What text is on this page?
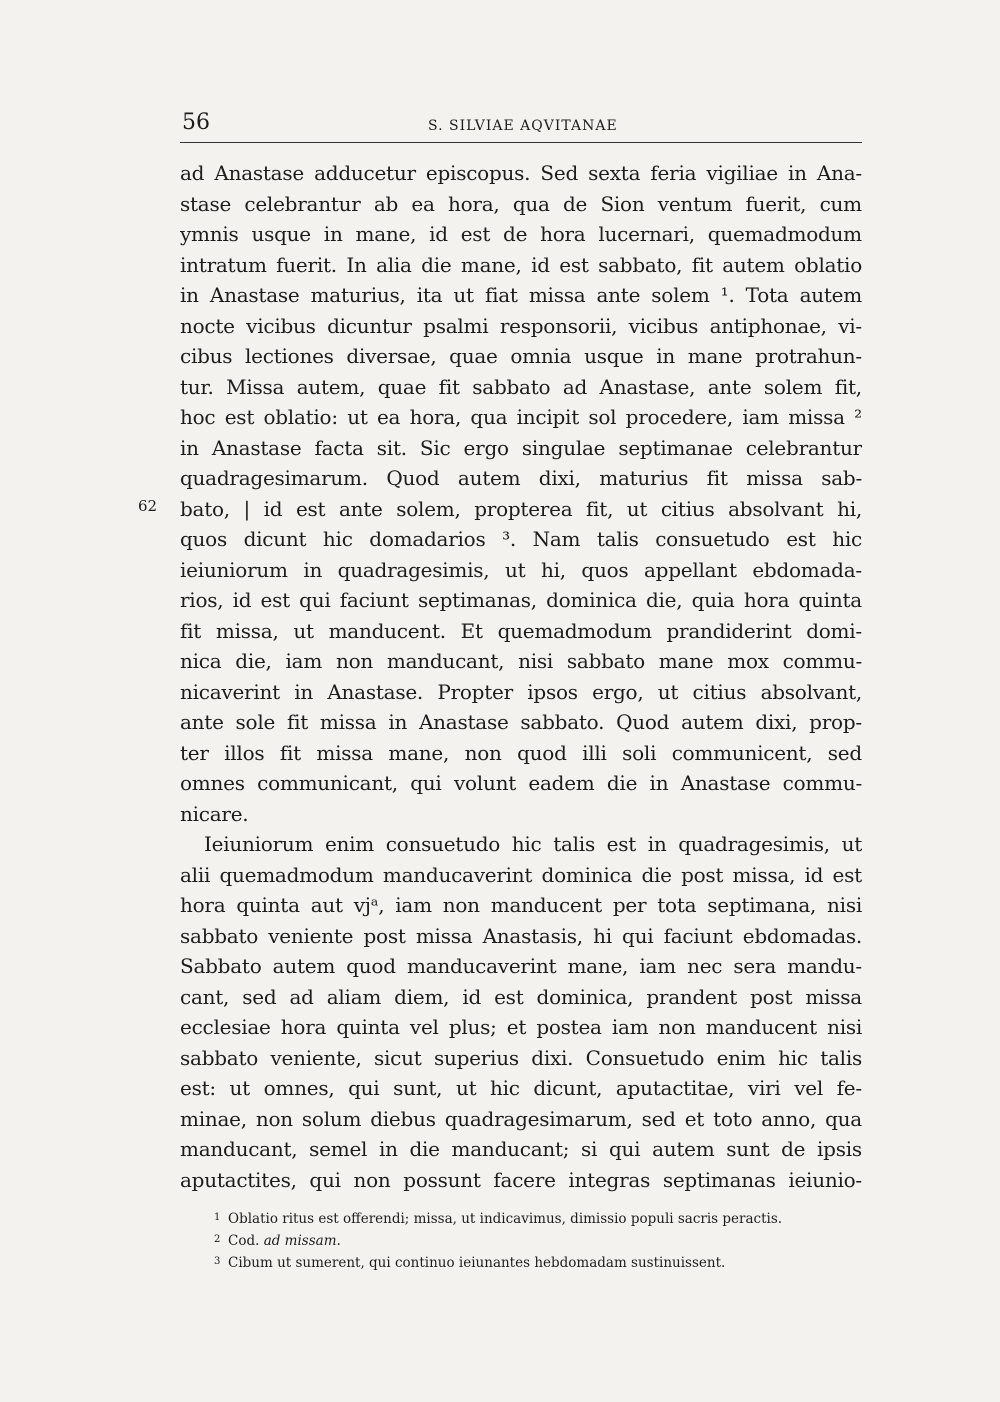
56	S. SILVIAE AQVITANAE
62
ad Anastase adducetur episcopus. Sed sexta feria vigiliae in Ana-
stase celebrantur ab ea hora, qua de Sion ventum fuerit, cum
ymnis usque in mane, id est de hora lucernari, quemadmodum
intratum fuerit. In alia die mane, id est sabbato, fit autem oblatio
in Anastase maturius, ita ut fiat missa ante solem ¹. Tota autem
nocte vicibus dicuntur psalmi responsorii, vicibus antiphonae, vi-
cibus lectiones diversae, quae omnia usque in mane protrahun-
tur. Missa autem, quae fit sabbato ad Anastase, ante solem fit,
hoc est oblatio: ut ea hora, qua incipit sol procedere, iam missa ²
in Anastase facta sit. Sic ergo singulae septimanae celebrantur
quadragesimarum. Quod autem dixi, maturius fit missa sab-
bato, | id est ante solem, propterea fit, ut citius absolvant hi,
quos dicunt hic domadarios ³. Nam talis consuetudo est hic
ieiuniorum in quadragesimis, ut hi, quos appellant ebdomada-
rios, id est qui faciunt septimanas, dominica die, quia hora quinta
fit missa, ut manducent. Et quemadmodum prandiderint domi-
nica die, iam non manducant, nisi sabbato mane mox commu-
nicaverint in Anastase. Propter ipsos ergo, ut citius absolvant,
ante sole fit missa in Anastase sabbato. Quod autem dixi, prop-
ter illos fit missa mane, non quod illi soli communicent, sed
omnes communicant, qui volunt eadem die in Anastase commu-
nicare.
Ieiuniorum enim consuetudo hic talis est in quadragesimis, ut
alii quemadmodum manducaverint dominica die post missa, id est
hora quinta aut vjᵃ, iam non manducent per tota septimana, nisi
sabbato veniente post missa Anastasis, hi qui faciunt ebdomadas.
Sabbato autem quod manducaverint mane, iam nec sera mandu-
cant, sed ad aliam diem, id est dominica, prandent post missa
ecclesiae hora quinta vel plus; et postea iam non manducent nisi
sabbato veniente, sicut superius dixi. Consuetudo enim hic talis
est: ut omnes, qui sunt, ut hic dicunt, aputactitae, viri vel fe-
minae, non solum diebus quadragesimarum, sed et toto anno, qua
manducant, semel in die manducant; si qui autem sunt de ipsis
aputactites, qui non possunt facere integras septimanas ieiunio-
1 Oblatio ritus est offerendi; missa, ut indicavimus, dimissio populi sacris peractis.
2 Cod. ad missam.
3 Cibum ut sumerent, qui continuo ieiunantes hebdomadam sustinuissent.
